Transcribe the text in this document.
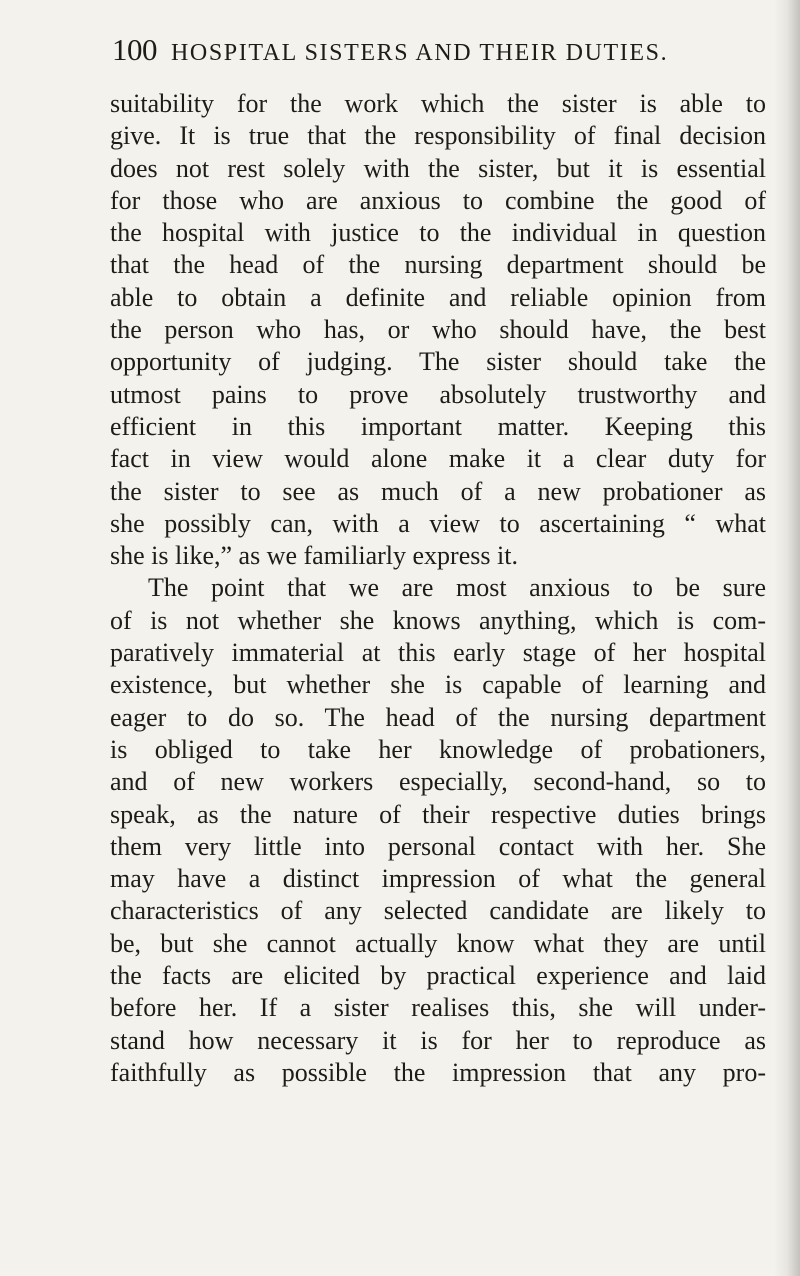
100 HOSPITAL SISTERS AND THEIR DUTIES.
suitability for the work which the sister is able to
give. It is true that the responsibility of final decision
does not rest solely with the sister, but it is essential
for those who are anxious to combine the good of
the hospital with justice to the individual in question
that the head of the nursing department should be
able to obtain a definite and reliable opinion from
the person who has, or who should have, the best
opportunity of judging. The sister should take the
utmost pains to prove absolutely trustworthy and
efficient in this important matter. Keeping this
fact in view would alone make it a clear duty for
the sister to see as much of a new probationer as
she possibly can, with a view to ascertaining “ what
she is like,” as we familiarly express it.
The point that we are most anxious to be sure
of is not whether she knows anything, which is com-
paratively immaterial at this early stage of her hospital
existence, but whether she is capable of learning and
eager to do so. The head of the nursing department
is obliged to take her knowledge of probationers,
and of new workers especially, second-hand, so to
speak, as the nature of their respective duties brings
them very little into personal contact with her. She
may have a distinct impression of what the general
characteristics of any selected candidate are likely to
be, but she cannot actually know what they are until
the facts are elicited by practical experience and laid
before her. If a sister realises this, she will under-
stand how necessary it is for her to reproduce as
faithfully as possible the impression that any pro-
